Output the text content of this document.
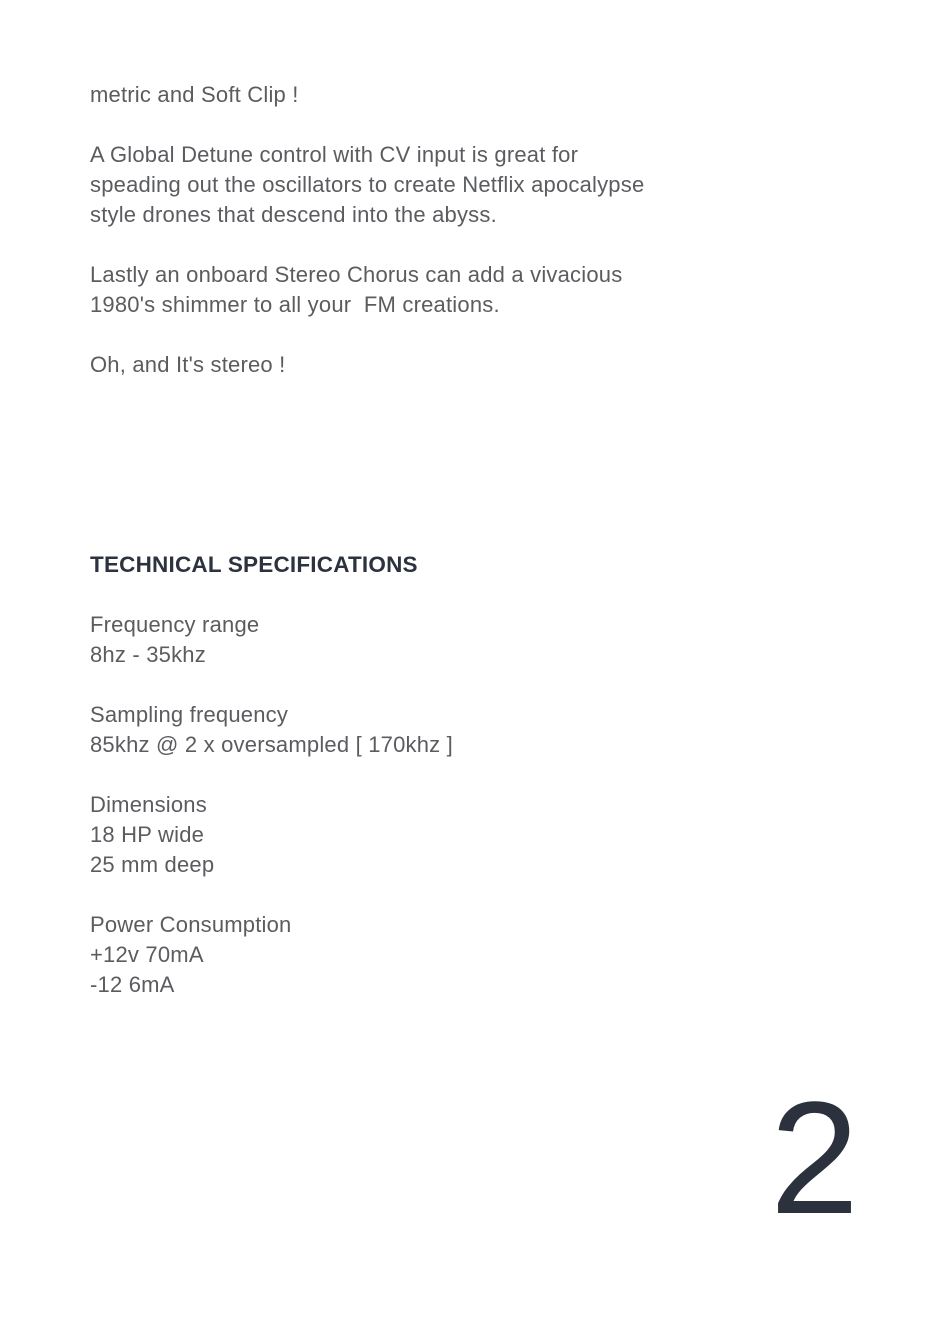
metric and Soft Clip !
A Global Detune control with CV input is great for
speading out the oscillators to create Netflix apocalypse
style drones that descend into the abyss.
Lastly an onboard Stereo Chorus can add a vivacious
1980's shimmer to all your  FM creations.
Oh, and It's stereo !
TECHNICAL SPECIFICATIONS
Frequency range
8hz - 35khz
Sampling frequency
85khz @ 2 x oversampled [ 170khz ]
Dimensions
18 HP wide
25 mm deep
Power Consumption
+12v 70mA
-12 6mA
2
